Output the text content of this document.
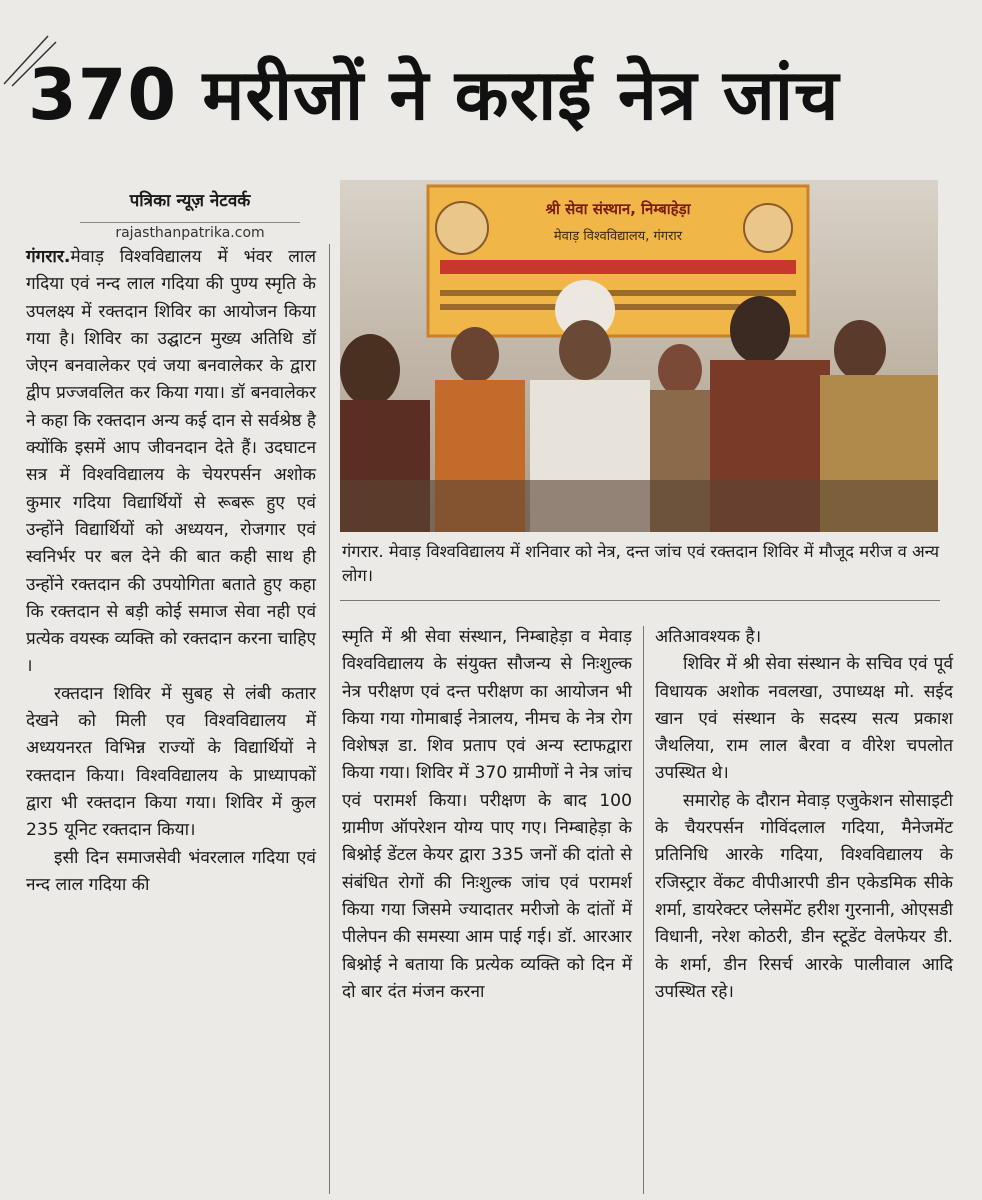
370 मरीजों ने कराई नेत्र जांच
पत्रिका न्यूज़ नेटवर्क
rajasthanpatrika.com

गंगरार.मेवाड़ विश्वविद्यालय में भंवर लाल गदिया एवं नन्द लाल गदिया की पुण्य स्मृति के उपलक्ष्य में रक्तदान शिविर का आयोजन किया गया है। शिविर का उद्घाटन मुख्य अतिथि डॉ जेएन बनवालेकर एवं जया बनवालेकर के द्वारा द्वीप प्रज्जवलित कर किया गया। डॉ बनवालेकर ने कहा कि रक्तदान अन्य कई दान से सर्वश्रेष्ठ है क्योंकि इसमें आप जीवनदान देते हैं। उदघाटन सत्र में विश्वविद्यालय के चेयरपर्सन अशोक कुमार गदिया विद्यार्थियों से रूबरू हुए एवं उन्होंने विद्यार्थियों को अध्ययन, रोजगार एवं स्वनिर्भर पर बल देने की बात कही साथ ही उन्होंने रक्तदान की उपयोगिता बताते हुए कहा कि रक्तदान से बड़ी कोई समाज सेवा नही एवं प्रत्येक वयस्क व्यक्ति को रक्तदान करना चाहिए ।

रक्तदान शिविर में सुबह से लंबी कतार देखने को मिली एव विश्वविद्यालय में अध्ययनरत विभिन्न राज्यों के विद्यार्थियों ने रक्तदान किया। विश्वविद्यालय के प्राध्यापकों द्वारा भी रक्तदान किया गया। शिविर में कुल 235 यूनिट रक्तदान किया।

इसी दिन समाजसेवी भंवरलाल गदिया एवं नन्द लाल गदिया की

श्री सेवा संस्थान, निम्बाहेड़ा
मेवाड़ विश्वविद्यालय, गंगरार
गंगरार. मेवाड़ विश्वविद्यालय में शनिवार को नेत्र, दन्त जांच एवं रक्तदान शिविर में मौजूद मरीज व अन्य लोग।

स्मृति में श्री सेवा संस्थान, निम्बाहेड़ा व मेवाड़ विश्वविद्यालय के संयुक्त सौजन्य से निःशुल्क नेत्र परीक्षण एवं दन्त परीक्षण का आयोजन भी किया गया गोमाबाई नेत्रालय, नीमच के नेत्र रोग विशेषज्ञ डा. शिव प्रताप एवं अन्य स्टाफद्वारा किया गया। शिविर में 370 ग्रामीणों ने नेत्र जांच एवं परामर्श किया। परीक्षण के बाद 100 ग्रामीण ऑपरेशन योग्य पाए गए। निम्बाहेड़ा के बिश्नोई डेंटल केयर द्वारा 335 जनों की दांतो से संबंधित रोगों की निःशुल्क जांच एवं परामर्श किया गया जिसमे ज्यादातर मरीजो के दांतों में पीलेपन की समस्या आम पाई गई। डॉ. आरआर बिश्नोई ने बताया कि प्रत्येक व्यक्ति को दिन में दो बार दंत मंजन करना

अतिआवश्यक है।

शिविर में श्री सेवा संस्थान के सचिव एवं पूर्व विधायक अशोक नवलखा, उपाध्यक्ष मो. सईद खान एवं संस्थान के सदस्य सत्य प्रकाश जैथलिया, राम लाल बैरवा व वीरेश चपलोत उपस्थित थे।

समारोह के दौरान मेवाड़ एजुकेशन सोसाइटी के चैयरपर्सन गोविंदलाल गदिया, मैनेजमेंट प्रतिनिधि आरके गदिया, विश्वविद्यालय के रजिस्ट्रार वेंकट वीपीआरपी डीन एकेडमिक सीके शर्मा, डायरेक्टर प्लेसमेंट हरीश गुरनानी, ओएसडी विधानी, नरेश कोठरी, डीन स्टूडेंट वेलफेयर डी. के शर्मा, डीन रिसर्च आरके पालीवाल आदि उपस्थित रहे।
